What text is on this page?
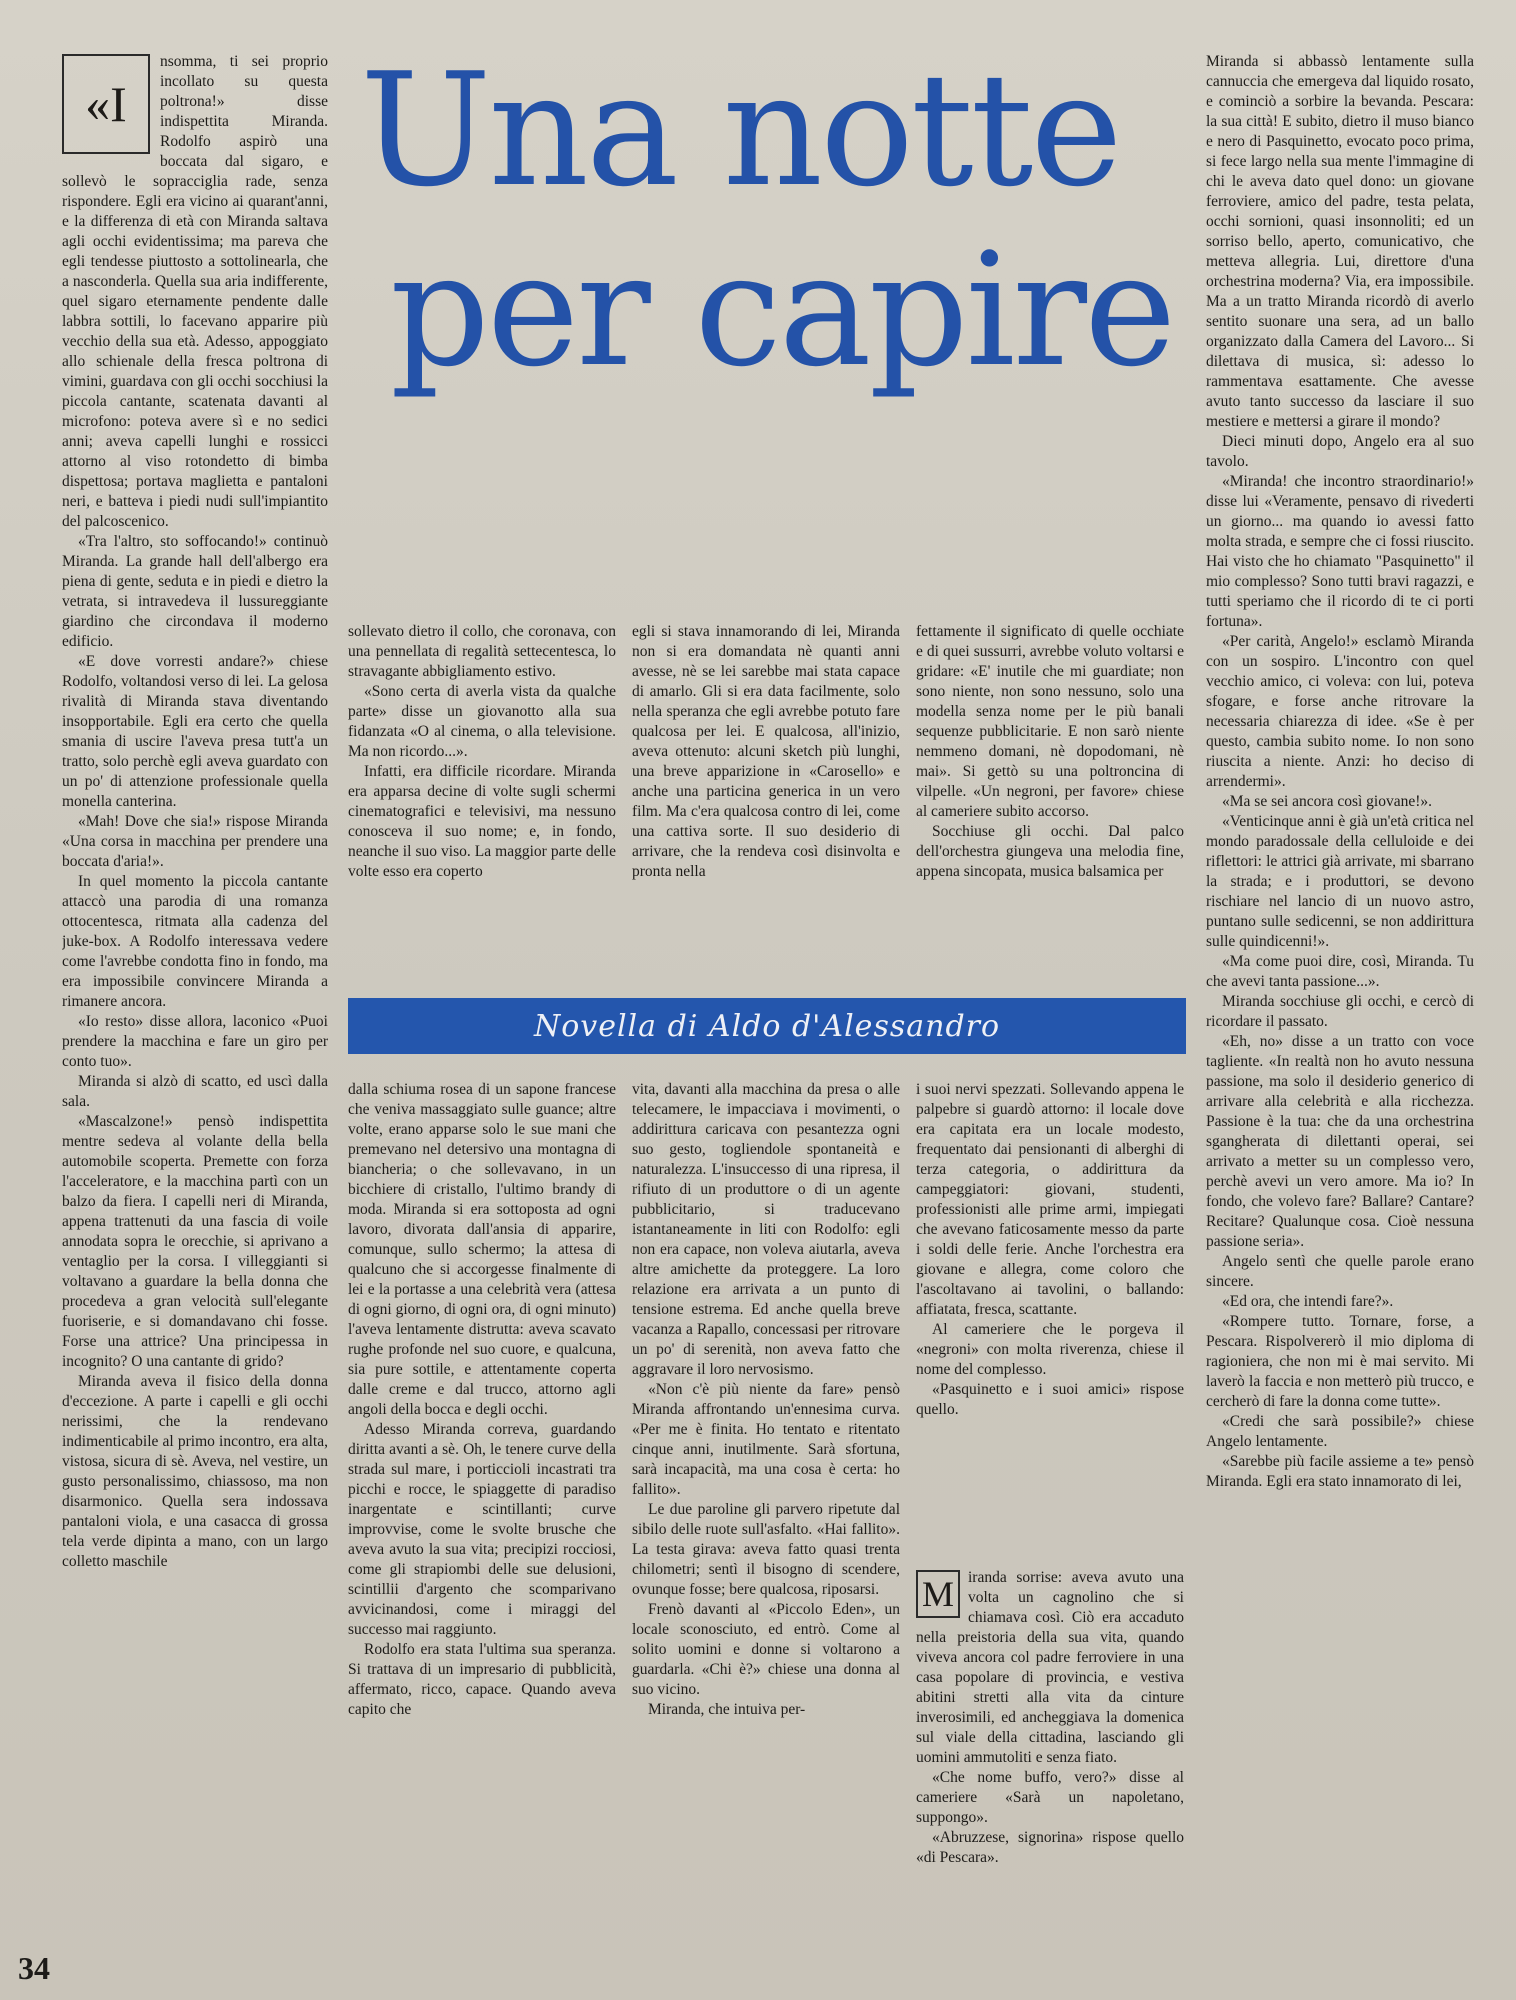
Una notte
per capire
«I

nsomma, ti sei proprio incollato su questa poltrona!» disse indispettita Miranda. Rodolfo aspirò una boccata dal sigaro, e sollevò le sopracciglia rade, senza rispondere. Egli era vicino ai quarant'anni, e la differenza di età con Miranda saltava agli occhi evidentissima; ma pareva che egli tendesse piuttosto a sottolinearla, che a nasconderla. Quella sua aria indifferente, quel sigaro eternamente pendente dalle labbra sottili, lo facevano apparire più vecchio della sua età. Adesso, appoggiato allo schienale della fresca poltrona di vimini, guardava con gli occhi socchiusi la piccola cantante, scatenata davanti al microfono: poteva avere sì e no sedici anni; aveva capelli lunghi e rossicci attorno al viso rotondetto di bimba dispettosa; portava maglietta e pantaloni neri, e batteva i piedi nudi sull'impiantito del palcoscenico.

«Tra l'altro, sto soffocando!» continuò Miranda. La grande hall dell'albergo era piena di gente, seduta e in piedi e dietro la vetrata, si intravedeva il lussureggiante giardino che circondava il moderno edificio.

«E dove vorresti andare?» chiese Rodolfo, voltandosi verso di lei. La gelosa rivalità di Miranda stava diventando insopportabile. Egli era certo che quella smania di uscire l'aveva presa tutt'a un tratto, solo perchè egli aveva guardato con un po' di attenzione professionale quella monella canterina.

«Mah! Dove che sia!» rispose Miranda «Una corsa in macchina per prendere una boccata d'aria!».

In quel momento la piccola cantante attaccò una parodia di una romanza ottocentesca, ritmata alla cadenza del juke-box. A Rodolfo interessava vedere come l'avrebbe condotta fino in fondo, ma era impossibile convincere Miranda a rimanere ancora.

«Io resto» disse allora, laconico «Puoi prendere la macchina e fare un giro per conto tuo».

Miranda si alzò di scatto, ed uscì dalla sala.

«Mascalzone!» pensò indispettita mentre sedeva al volante della bella automobile scoperta. Premette con forza l'acceleratore, e la macchina partì con un balzo da fiera. I capelli neri di Miranda, appena trattenuti da una fascia di voile annodata sopra le orecchie, si aprivano a ventaglio per la corsa. I villeggianti si voltavano a guardare la bella donna che procedeva a gran velocità sull'elegante fuoriserie, e si domandavano chi fosse. Forse una attrice? Una principessa in incognito? O una cantante di grido?

Miranda aveva il fisico della donna d'eccezione. A parte i capelli e gli occhi nerissimi, che la rendevano indimenticabile al primo incontro, era alta, vistosa, sicura di sè. Aveva, nel vestire, un gusto personalissimo, chiassoso, ma non disarmonico. Quella sera indossava pantaloni viola, e una casacca di grossa tela verde dipinta a mano, con un largo colletto maschile

sollevato dietro il collo, che coronava, con una pennellata di regalità settecentesca, lo stravagante abbigliamento estivo.

«Sono certa di averla vista da qualche parte» disse un giovanotto alla sua fidanzata «O al cinema, o alla televisione. Ma non ricordo...».

Infatti, era difficile ricordare. Miranda era apparsa decine di volte sugli schermi cinematografici e televisivi, ma nessuno conosceva il suo nome; e, in fondo, neanche il suo viso. La maggior parte delle volte esso era coperto

egli si stava innamorando di lei, Miranda non si era domandata nè quanti anni avesse, nè se lei sarebbe mai stata capace di amarlo. Gli si era data facilmente, solo nella speranza che egli avrebbe potuto fare qualcosa per lei. E qualcosa, all'inizio, aveva ottenuto: alcuni sketch più lunghi, una breve apparizione in «Carosello» e anche una particina generica in un vero film. Ma c'era qualcosa contro di lei, come una cattiva sorte. Il suo desiderio di arrivare, che la rendeva così disinvolta e pronta nella

fettamente il significato di quelle occhiate e di quei sussurri, avrebbe voluto voltarsi e gridare: «E' inutile che mi guardiate; non sono niente, non sono nessuno, solo una modella senza nome per le più banali sequenze pubblicitarie. E non sarò niente nemmeno domani, nè dopodomani, nè mai». Si gettò su una poltroncina di vilpelle. «Un negroni, per favore» chiese al cameriere subito accorso.

Socchiuse gli occhi. Dal palco dell'orchestra giungeva una melodia fine, appena sincopata, musica balsamica per

Novella di Aldo d'Alessandro

dalla schiuma rosea di un sapone francese che veniva massaggiato sulle guance; altre volte, erano apparse solo le sue mani che premevano nel detersivo una montagna di biancheria; o che sollevavano, in un bicchiere di cristallo, l'ultimo brandy di moda. Miranda si era sottoposta ad ogni lavoro, divorata dall'ansia di apparire, comunque, sullo schermo; la attesa di qualcuno che si accorgesse finalmente di lei e la portasse a una celebrità vera (attesa di ogni giorno, di ogni ora, di ogni minuto) l'aveva lentamente distrutta: aveva scavato rughe profonde nel suo cuore, e qualcuna, sia pure sottile, e attentamente coperta dalle creme e dal trucco, attorno agli angoli della bocca e degli occhi.

Adesso Miranda correva, guardando diritta avanti a sè. Oh, le tenere curve della strada sul mare, i porticcioli incastrati tra picchi e rocce, le spiaggette di paradiso inargentate e scintillanti; curve improvvise, come le svolte brusche che aveva avuto la sua vita; precipizi rocciosi, come gli strapiombi delle sue delusioni, scintillii d'argento che scomparivano avvicinandosi, come i miraggi del successo mai raggiunto.

Rodolfo era stata l'ultima sua speranza. Si trattava di un impresario di pubblicità, affermato, ricco, capace. Quando aveva capito che

vita, davanti alla macchina da presa o alle telecamere, le impacciava i movimenti, o addirittura caricava con pesantezza ogni suo gesto, togliendole spontaneità e naturalezza. L'insuccesso di una ripresa, il rifiuto di un produttore o di un agente pubblicitario, si traducevano istantaneamente in liti con Rodolfo: egli non era capace, non voleva aiutarla, aveva altre amichette da proteggere. La loro relazione era arrivata a un punto di tensione estrema. Ed anche quella breve vacanza a Rapallo, concessasi per ritrovare un po' di serenità, non aveva fatto che aggravare il loro nervosismo.

«Non c'è più niente da fare» pensò Miranda affrontando un'ennesima curva. «Per me è finita. Ho tentato e ritentato cinque anni, inutilmente. Sarà sfortuna, sarà incapacità, ma una cosa è certa: ho fallito».

Le due paroline gli parvero ripetute dal sibilo delle ruote sull'asfalto. «Hai fallito». La testa girava: aveva fatto quasi trenta chilometri; sentì il bisogno di scendere, ovunque fosse; bere qualcosa, riposarsi.

Frenò davanti al «Piccolo Eden», un locale sconosciuto, ed entrò. Come al solito uomini e donne si voltarono a guardarla. «Chi è?» chiese una donna al suo vicino.

Miranda, che intuiva per-

i suoi nervi spezzati. Sollevando appena le palpebre si guardò attorno: il locale dove era capitata era un locale modesto, frequentato dai pensionanti di alberghi di terza categoria, o addirittura da campeggiatori: giovani, studenti, professionisti alle prime armi, impiegati che avevano faticosamente messo da parte i soldi delle ferie. Anche l'orchestra era giovane e allegra, come coloro che l'ascoltavano ai tavolini, o ballando: affiatata, fresca, scattante.

Al cameriere che le porgeva il «negroni» con molta riverenza, chiese il nome del complesso.

«Pasquinetto e i suoi amici» rispose quello.

M iranda sorrise: aveva avuto una volta un cagnolino che si chiamava così. Ciò era accaduto nella preistoria della sua vita, quando viveva ancora col padre ferroviere in una casa popolare di provincia, e vestiva abitini stretti alla vita da cinture inverosimili, ed ancheggiava la domenica sul viale della cittadina, lasciando gli uomini ammutoliti e senza fiato.

«Che nome buffo, vero?» disse al cameriere «Sarà un napoletano, suppongo».

«Abruzzese, signorina» rispose quello «di Pescara».

Miranda si abbassò lentamente sulla cannuccia che emergeva dal liquido rosato, e cominciò a sorbire la bevanda. Pescara: la sua città! E subito, dietro il muso bianco e nero di Pasquinetto, evocato poco prima, si fece largo nella sua mente l'immagine di chi le aveva dato quel dono: un giovane ferroviere, amico del padre, testa pelata, occhi sornioni, quasi insonnoliti; ed un sorriso bello, aperto, comunicativo, che metteva allegria. Lui, direttore d'una orchestrina moderna? Via, era impossibile. Ma a un tratto Miranda ricordò di averlo sentito suonare una sera, ad un ballo organizzato dalla Camera del Lavoro... Si dilettava di musica, sì: adesso lo rammentava esattamente. Che avesse avuto tanto successo da lasciare il suo mestiere e mettersi a girare il mondo?

Dieci minuti dopo, Angelo era al suo tavolo.

«Miranda! che incontro straordinario!» disse lui «Veramente, pensavo di rivederti un giorno... ma quando io avessi fatto molta strada, e sempre che ci fossi riuscito. Hai visto che ho chiamato "Pasquinetto" il mio complesso? Sono tutti bravi ragazzi, e tutti speriamo che il ricordo di te ci porti fortuna».

«Per carità, Angelo!» esclamò Miranda con un sospiro. L'incontro con quel vecchio amico, ci voleva: con lui, poteva sfogare, e forse anche ritrovare la necessaria chiarezza di idee. «Se è per questo, cambia subito nome. Io non sono riuscita a niente. Anzi: ho deciso di arrendermi».

«Ma se sei ancora così giovane!».

«Venticinque anni è già un'età critica nel mondo paradossale della celluloide e dei riflettori: le attrici già arrivate, mi sbarrano la strada; e i produttori, se devono rischiare nel lancio di un nuovo astro, puntano sulle sedicenni, se non addirittura sulle quindicenni!».

«Ma come puoi dire, così, Miranda. Tu che avevi tanta passione...».

Miranda socchiuse gli occhi, e cercò di ricordare il passato.

«Eh, no» disse a un tratto con voce tagliente. «In realtà non ho avuto nessuna passione, ma solo il desiderio generico di arrivare alla celebrità e alla ricchezza. Passione è la tua: che da una orchestrina sgangherata di dilettanti operai, sei arrivato a metter su un complesso vero, perchè avevi un vero amore. Ma io? In fondo, che volevo fare? Ballare? Cantare? Recitare? Qualunque cosa. Cioè nessuna passione seria».

Angelo sentì che quelle parole erano sincere.

«Ed ora, che intendi fare?».

«Rompere tutto. Tornare, forse, a Pescara. Rispolvererò il mio diploma di ragioniera, che non mi è mai servito. Mi laverò la faccia e non metterò più trucco, e cercherò di fare la donna come tutte».

«Credi che sarà possibile?» chiese Angelo lentamente.

«Sarebbe più facile assieme a te» pensò Miranda. Egli era stato innamorato di lei,

34
